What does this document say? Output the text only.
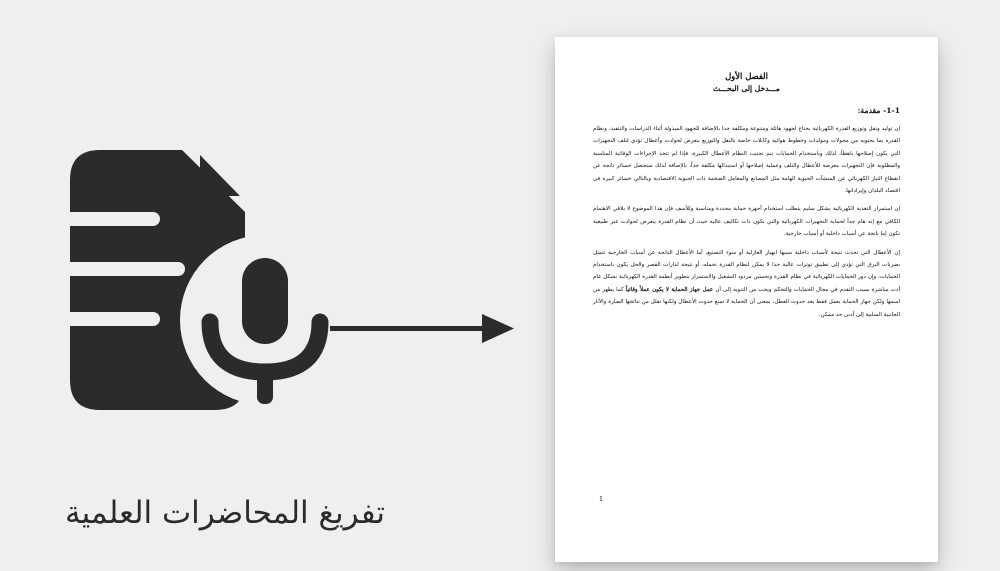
تفريغ المحاضرات العلمية
الفصل الأول
مـــدخل إلى البحـــث
1-1- مقدمة:

إن توليد ونقل وتوزيع القدرة الكهربائية يحتاج لجهود هائلة ومتنوعة ومكلفة جدا بالإضافة للجهود المبذولة أثناء الدراسات والتنفيذ، ونظام القدرة بما يحتويه من محولات ومولدات وخطوط هوائية وكابلات خاصة بالنقل والتوزيع يتعرض لحوادث وأعطال تؤدي لتلف التجهيزات التي يكون إصلاحها باهظاً، لذلك وباستخدام الحمايات يتم تجنيب النظام الأعطال الكبيرة، فإذا لم تتخذ الإجراءات الوقائية المناسبة والمطلوبة فإن التجهيزات معرضة للأعطال والتلف وعملية إصلاحها أو استبدالها مكلفة جداً، بالإضافة لذلك ستحصل خسائر ناتجة عن انقطاع التيار الكهربائي عن المنشآت الحيوية الهامة مثل المصانع والمعامل الضخمة ذات الحيوية الاقتصادية وبالتالي خسائر كبيرة في اقتصاد البلدان وإيراداتها.

إن استمرار التغذية الكهربائية بشكل سليم يتطلب استخدام أجهزة حماية محددة ومناسبة وللأسف فإن هذا الموضوع لا يلاقي الاهتمام الكافي مع إنه هام جداً لحماية التجهيزات الكهربائية والتي تكون ذات تكاليف عالية حيث أن نظام القدرة يتعرض لحوادث غير طبيعية تكون إما ناتجة عن أسباب داخلية أو أسباب خارجية.

إن الأعطال التي تحدث نتيجة لأسباب داخلية سببها انهيار العازلية أو سوء التصنيع، أما الأعطال الناتجة عن أسباب الخارجية تتمثل بضربات البرق التي تؤدي إلى تطبيق توترات عالية جدا لا يمكن لنظام القدرة تحمله، أو نتيجة لدارات القصر والحل يكون باستخدام الحمايات، وإن دور الحمايات الكهربائية في نظام القدرة وتحسين مردود التشغيل والاستمرار بتطوير أنظمة القدرة الكهربائية بشكل عام أدت مباشرة بسبب التقدم في مجال الحمايات والتحكم ويجب من التنويه إلى أن عمل جهاز الحماية لا يكون عملاً وقائياً كما يظهر من اسمها ولكن جهاز الحماية يعمل فقط بعد حدوث العطل، بمعنى أن الحماية لا تمنع حدوث الأعطال ولكنها تقلل من نتائجها الضارة والآثار الجانبية السلبية إلى أدنى حد ممكن.

1
